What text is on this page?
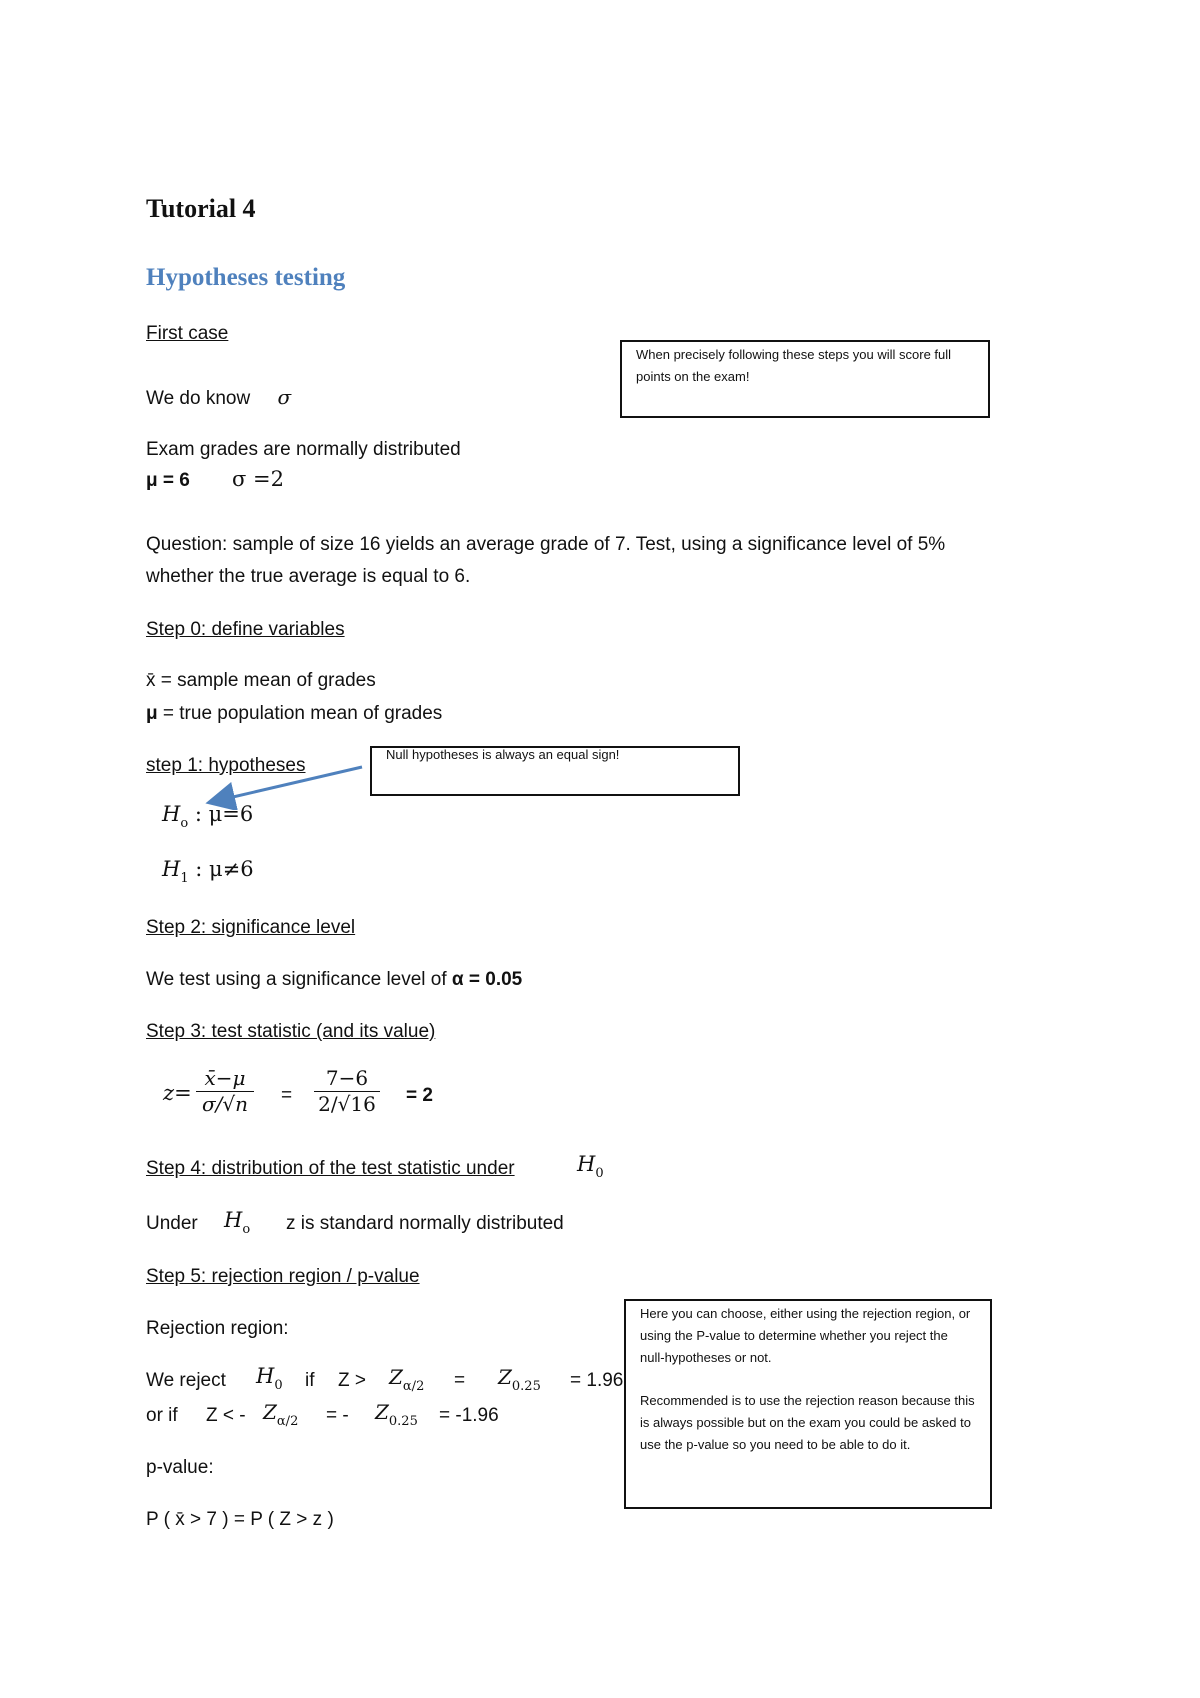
Tutorial 4
Hypotheses testing
First case
We do know σ
Exam grades are normally distributed
μ = 6 σ =2
Question: sample of size 16 yields an average grade of 7. Test, using a significance level of 5%
whether the true average is equal to 6.
Step 0: define variables
x̄ = sample mean of grades
μ = true population mean of grades
step 1: hypotheses
$H_o$ : μ=6
$H_1$ : μ≠6
Step 2: significance level
We test using a significance level of α = 0.05
Step 3: test statistic (and its value)
$z= \frac{x̄-\mu}{\sigma/√n} = \frac{7-6}{2/√16} = 2$
Step 4: distribution of the test statistic under	$H_0$
Under $H_o$ z is standard normally distributed
Step 5: rejection region / p-value
Rejection region:
We reject $H_0$ if $Z > Z_{\alpha/2} = Z_{0.25} = 1.96$
or if Z < - $Z_{\alpha/2}$ = - $Z_{0.25} = -1.96$
p-value:
P ( x̄ > 7 ) = P ( Z > z )
When precisely following these steps you will score full points on the exam!
Null hypotheses is always an equal sign!
Here you can choose, either using the rejection region, or using the P-value to determine whether you reject the null-hypotheses or not.
Recommended is to use the rejection reason because this is always possible but on the exam you could be asked to use the p-value so you need to be able to do it.
